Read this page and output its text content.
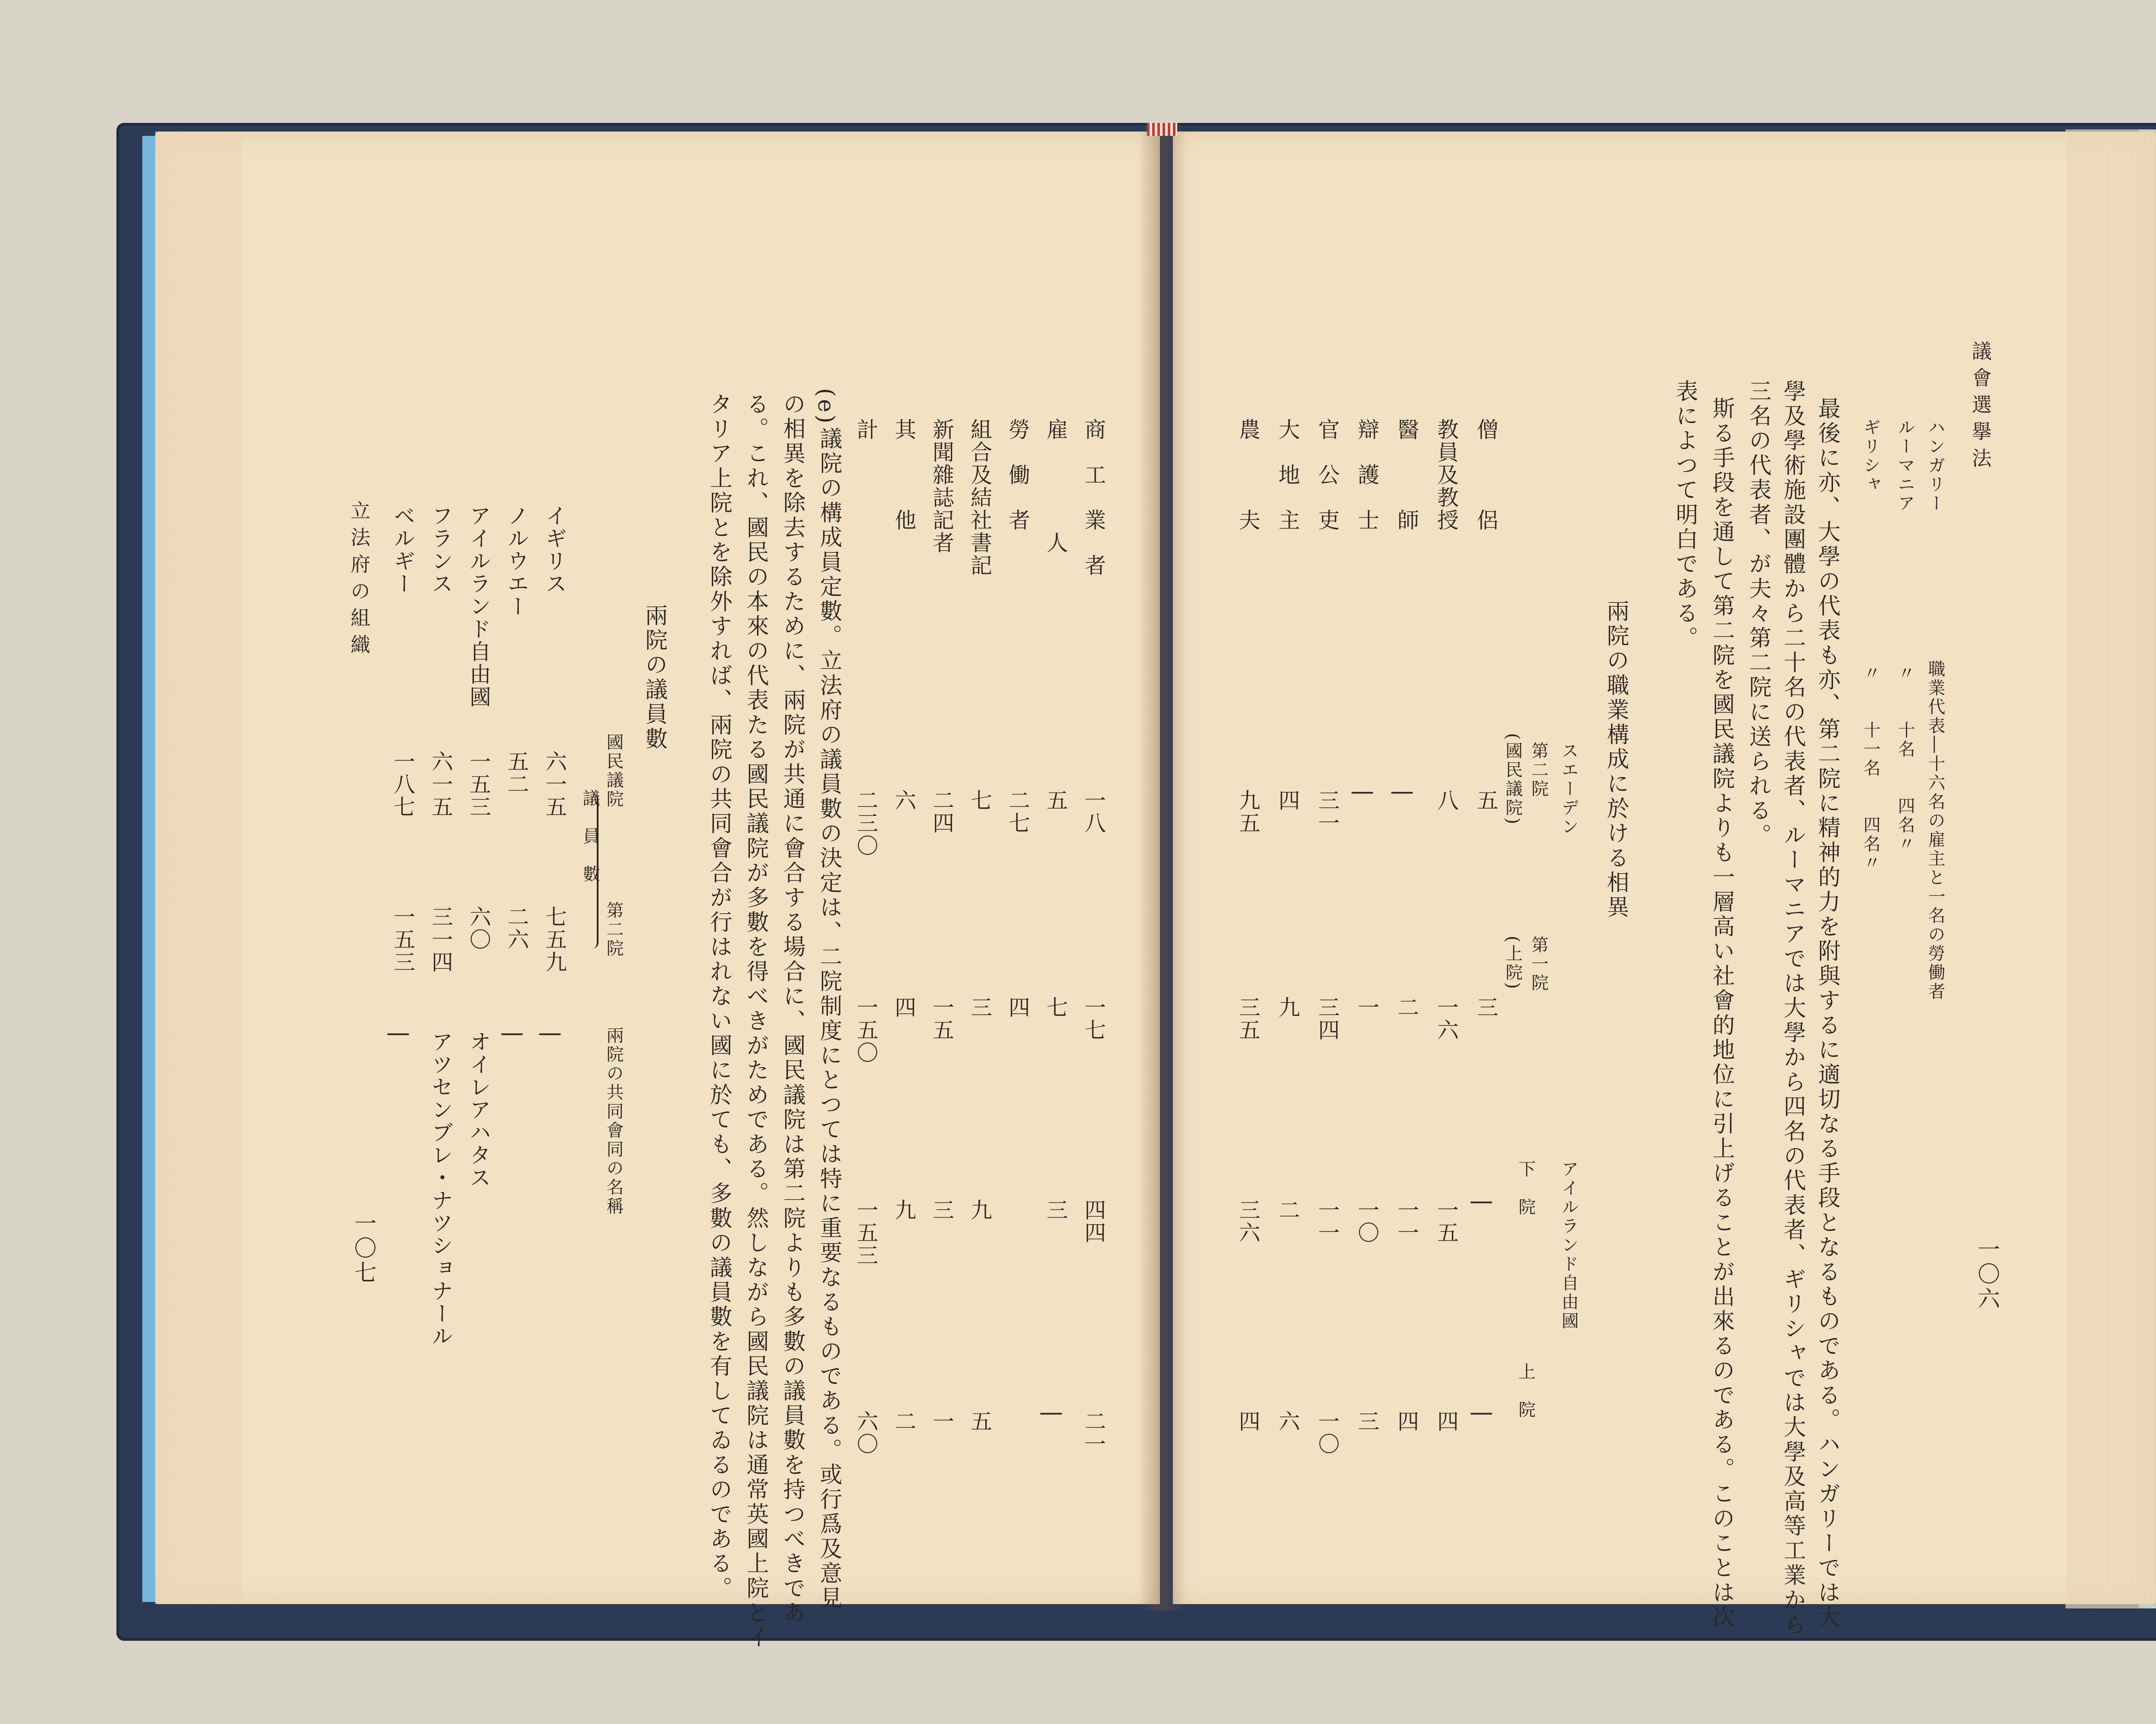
議會選擧法
一〇六
ハンガリー
職業代表―十六名の雇主と一名の勞働者
ルーマニア
〃　　十名　　四名〃
ギリシャ
〃　　十一名　　四名〃
最後に亦、大學の代表も亦、第二院に精神的力を附與するに適切なる手段となるものである。ハンガリーでは大
學及學術施設團體から二十名の代表者、ルーマニアでは大學から四名の代表者、ギリシャでは大學及高等工業から
三名の代表者、が夫々第二院に送られる。
斯る手段を通して第二院を國民議院よりも一層高い社會的地位に引上げることが出來るのである。このことは次
表によつて明白である。
兩院の職業構成に於ける相異
スエーデン
第二院
(國民議院)
第一院
(上院)
アイルランド自由國
下　院
上　院
僧　　　侶
五
三
|
|
教員及教授
八
一六
一五
四
醫　　　師
|
二
一一
四
辯　護　士
|
一
一〇
三
官　公　吏
三一
三四
一一
一〇
大　地　主
四
九
二
六
農　　　夫
九五
三五
三六
四
立法府の組織
一〇七
商　工　業　者
一八
一七
四四
二一
雇　　　　人
五
七
三
|
勞　働　者
二七
四
組合及結社書記
七
三
九
五
新聞雜誌記者
二四
一五
三
一
其　　　他
六
四
九
二
計
二三〇
一五〇
一五三
六〇
(e)
議院の構成員定數。立法府の議員數の決定は、二院制度にとつては特に重要なるものである。或行爲及意見
の相異を除去するために、兩院が共通に會合する場合に、國民議院は第二院よりも多數の議員數を持つべきであ
る。これ、國民の本來の代表たる國民議院が多數を得べきがためである。然しながら國民議院は通常英國上院とイ
タリア上院とを除外すれば、兩院の共同會合が行はれない國に於ても、多數の議員數を有してゐるのである。
兩院の議員數
國民議院
第二院
兩院の共同會同の名稱
議　員　數
イギリス
六一五
七五九
|
ノルウエー
五二
二六
|
アイルランド自由國
一五三
六〇
オイレアハタス
フランス
六一五
三一四
アツセンブレ・ナツショナール
ベルギー
一八七
一五三
|
